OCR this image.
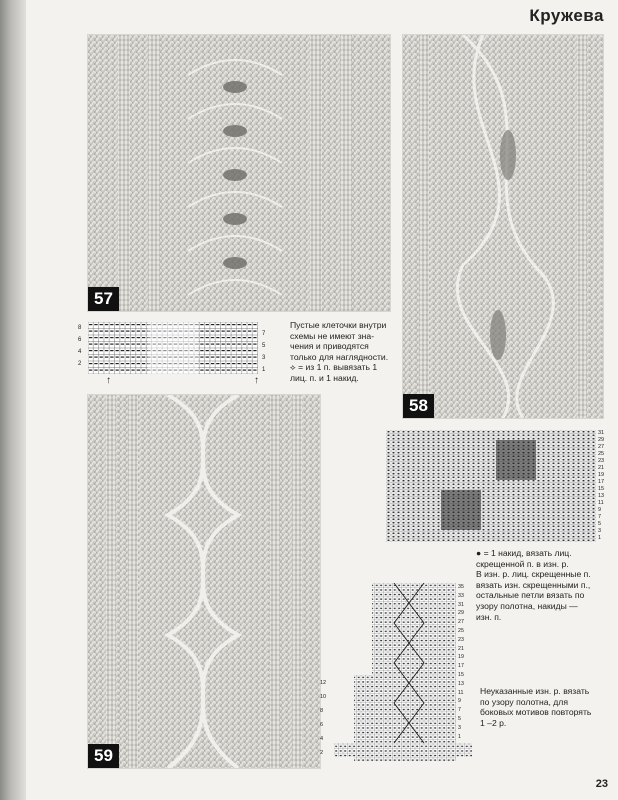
Кружева
57
58
59
8
6
4
2
7
5
3
1
↑	↑
Пустые клеточки внутри
схемы не имеют зна-
чения и приводятся
только для наглядности.
⟡ = из 1 п. вывязать 1
лиц. п. и 1 накид.
31
29
27
25
23
21
19
17
15
13
11
9
7
5
3
1
● = 1 накид, вязать лиц.
скрещенной п. в изн. р.
В изн. р. лиц. скрещенные п.
вязать изн. скрещенными п.,
остальные петли вязать по
узору полотна, накиды —
изн. п.
12
10
8
6
4
2
35
33
31
29
27
25
23
21
19
17
15
13
11
9
7
5
3
1
Неуказанные изн. р. вязать
по узору полотна, для
боковых мотивов повторять
1 –2 р.
23
